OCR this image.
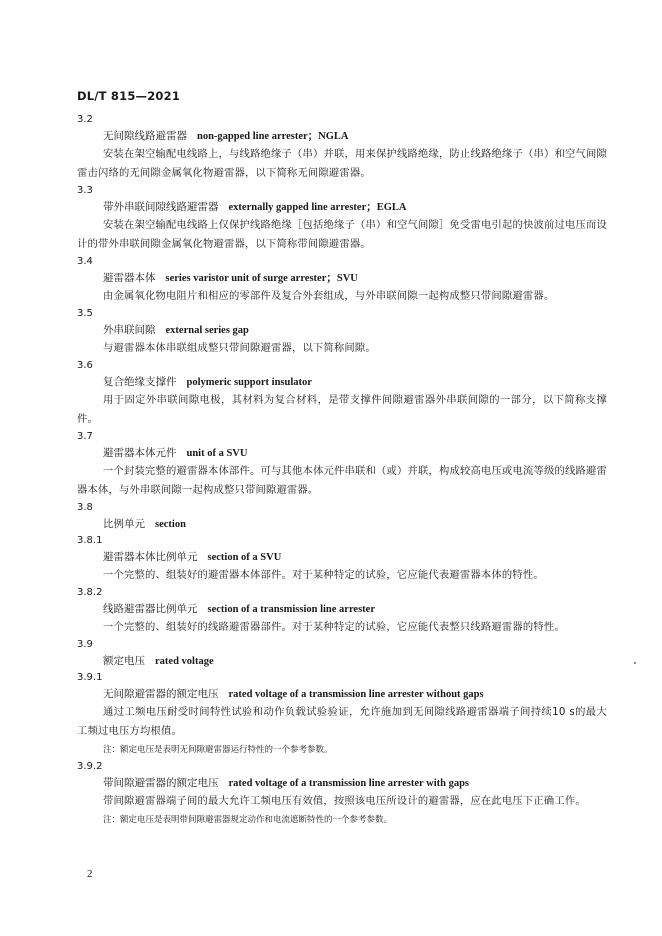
DL/T 815—2021
3.2
无间隙线路避雷器 non-gapped line arrester；NGLA
安装在架空输配电线路上，与线路绝缘子（串）并联，用来保护线路绝缘，防止线路绝缘子（串）和空气间隙雷击闪络的无间隙金属氧化物避雷器，以下简称无间隙避雷器。
3.3
带外串联间隙线路避雷器 externally gapped line arrester；EGLA
安装在架空输配电线路上仅保护线路绝缘［包括绝缘子（串）和空气间隙］免受雷电引起的快波前过电压而设计的带外串联间隙金属氧化物避雷器，以下简称带间隙避雷器。
3.4
避雷器本体 series varistor unit of surge arrester；SVU
由金属氧化物电阻片和相应的零部件及复合外套组成，与外串联间隙一起构成整只带间隙避雷器。
3.5
外串联间隙 external series gap
与避雷器本体串联组成整只带间隙避雷器，以下简称间隙。
3.6
复合绝缘支撑件 polymeric support insulator
用于固定外串联间隙电极，其材料为复合材料，是带支撑件间隙避雷器外串联间隙的一部分，以下简称支撑件。
3.7
避雷器本体元件 unit of a SVU
一个封装完整的避雷器本体部件。可与其他本体元件串联和（或）并联，构成较高电压或电流等级的线路避雷器本体，与外串联间隙一起构成整只带间隙避雷器。
3.8
比例单元 section
3.8.1
避雷器本体比例单元 section of a SVU
一个完整的、组装好的避雷器本体部件。对于某种特定的试验，它应能代表避雷器本体的特性。
3.8.2
线路避雷器比例单元 section of a transmission line arrester
一个完整的、组装好的线路避雷器部件。对于某种特定的试验，它应能代表整只线路避雷器的特性。
3.9
额定电压 rated voltage
3.9.1
无间隙避雷器的额定电压 rated voltage of a transmission line arrester without gaps
通过工频电压耐受时间特性试验和动作负载试验验证，允许施加到无间隙线路避雷器端子间持续10 s的最大工频过电压方均根值。
注：额定电压是表明无间隙避雷器运行特性的一个参考参数。
3.9.2
带间隙避雷器的额定电压 rated voltage of a transmission line arrester with gaps
带间隙避雷器端子间的最大允许工频电压有效值，按照该电压所设计的避雷器，应在此电压下正确工作。
注：额定电压是表明带间隙避雷器规定动作和电流遮断特性的一个参考参数。
2
